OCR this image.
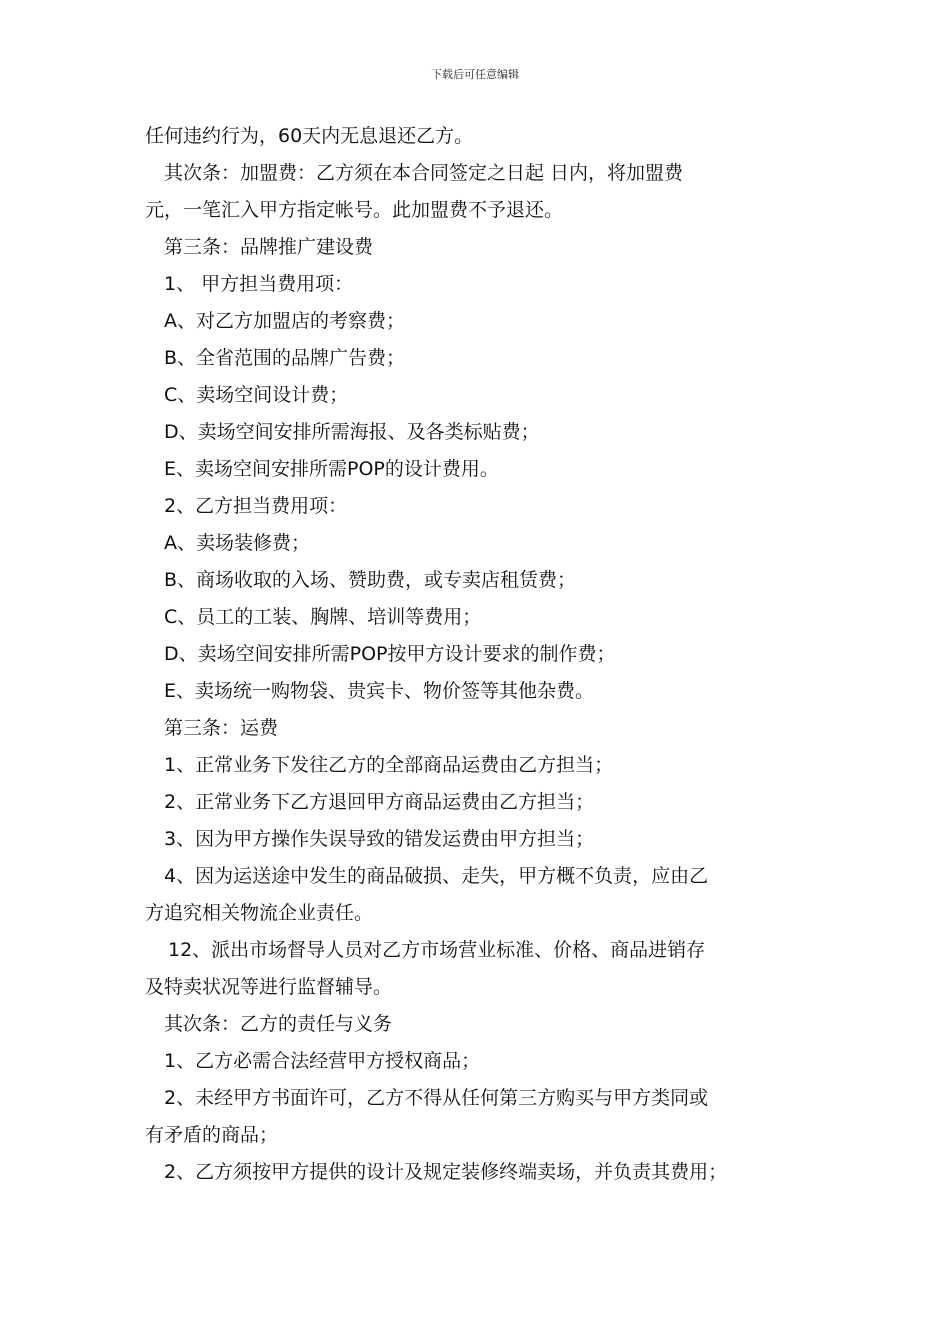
下载后可任意编辑
任何违约行为，60天内无息退还乙方。
其次条：加盟费：乙方须在本合同签定之日起 日内，将加盟费
元，一笔汇入甲方指定帐号。此加盟费不予退还。
第三条：品牌推广建设费
1、 甲方担当费用项：
A、对乙方加盟店的考察费；
B、全省范围的品牌广告费；
C、卖场空间设计费；
D、卖场空间安排所需海报、及各类标贴费；
E、卖场空间安排所需POP的设计费用。
2、乙方担当费用项：
A、卖场装修费；
B、商场收取的入场、赞助费，或专卖店租赁费；
C、员工的工装、胸牌、培训等费用；
D、卖场空间安排所需POP按甲方设计要求的制作费；
E、卖场统一购物袋、贵宾卡、物价签等其他杂费。
第三条：运费
1、正常业务下发往乙方的全部商品运费由乙方担当；
2、正常业务下乙方退回甲方商品运费由乙方担当；
3、因为甲方操作失误导致的错发运费由甲方担当；
4、因为运送途中发生的商品破损、走失，甲方概不负责，应由乙
方追究相关物流企业责任。
12、派出市场督导人员对乙方市场营业标准、价格、商品进销存
及特卖状况等进行监督辅导。
其次条：乙方的责任与义务
1、乙方必需合法经营甲方授权商品；
2、未经甲方书面许可，乙方不得从任何第三方购买与甲方类同或
有矛盾的商品；
2、乙方须按甲方提供的设计及规定装修终端卖场，并负责其费用；
